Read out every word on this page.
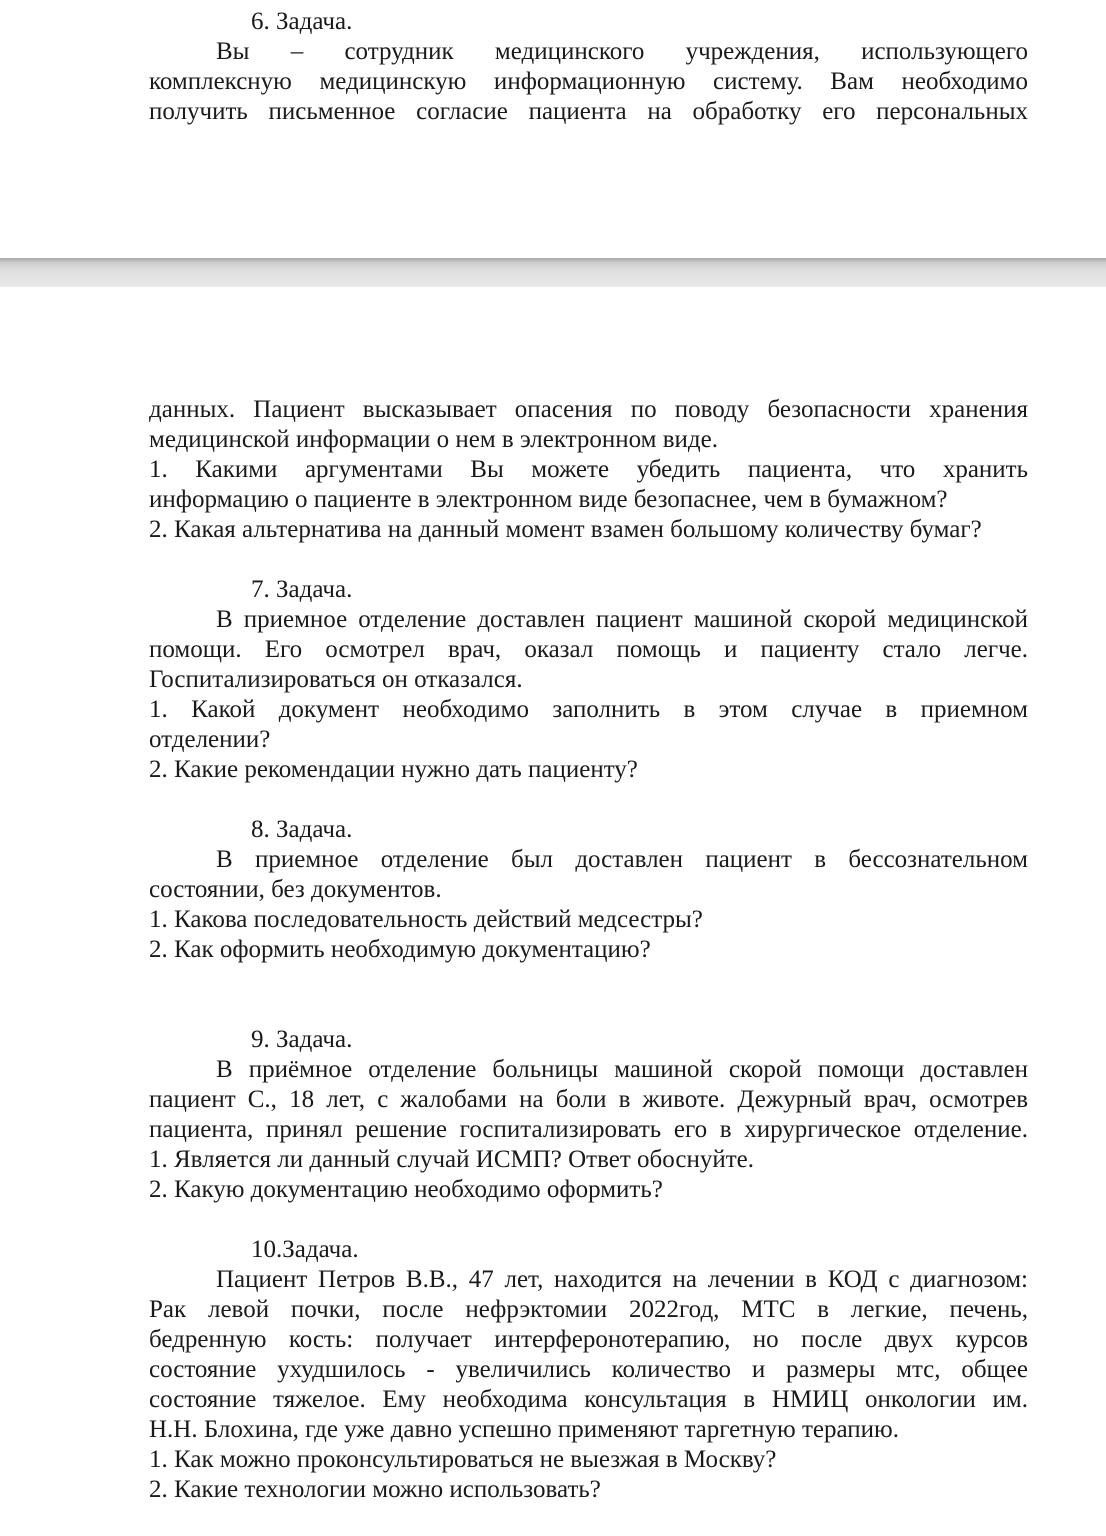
6. Задача.
Вы – сотрудник медицинского учреждения, использующего
комплексную медицинскую информационную систему. Вам необходимо
получить письменное согласие пациента на обработку его персональных
данных. Пациент высказывает опасения по поводу безопасности хранения
медицинской информации о нем в электронном виде.
1. Какими аргументами Вы можете убедить пациента, что хранить
информацию о пациенте в электронном виде безопаснее, чем в бумажном?
2. Какая альтернатива на данный момент взамен большому количеству бумаг?
7. Задача.
В приемное отделение доставлен пациент машиной скорой медицинской
помощи. Его осмотрел врач, оказал помощь и пациенту стало легче.
Госпитализироваться он отказался.
1. Какой документ необходимо заполнить в этом случае в приемном
отделении?
2. Какие рекомендации нужно дать пациенту?
8. Задача.
В приемное отделение был доставлен пациент в бессознательном
состоянии, без документов.
1. Какова последовательность действий медсестры?
2. Как оформить необходимую документацию?
9. Задача.
В приёмное отделение больницы машиной скорой помощи доставлен
пациент С., 18 лет, с жалобами на боли в животе. Дежурный врач, осмотрев
пациента, принял решение госпитализировать его в хирургическое отделение.
1. Является ли данный случай ИСМП? Ответ обоснуйте.
2. Какую документацию необходимо оформить?
10.Задача.
Пациент Петров В.В., 47 лет, находится на лечении в КОД с диагнозом:
Рак левой почки, после нефрэктомии 2022год, МТС в легкие, печень,
бедренную кость: получает интерферонотерапию, но после двух курсов
состояние ухудшилось - увеличились количество и размеры мтс, общее
состояние тяжелое. Ему необходима консультация в НМИЦ онкологии им.
Н.Н. Блохина, где уже давно успешно применяют таргетную терапию.
1. Как можно проконсультироваться не выезжая в Москву?
2. Какие технологии можно использовать?
